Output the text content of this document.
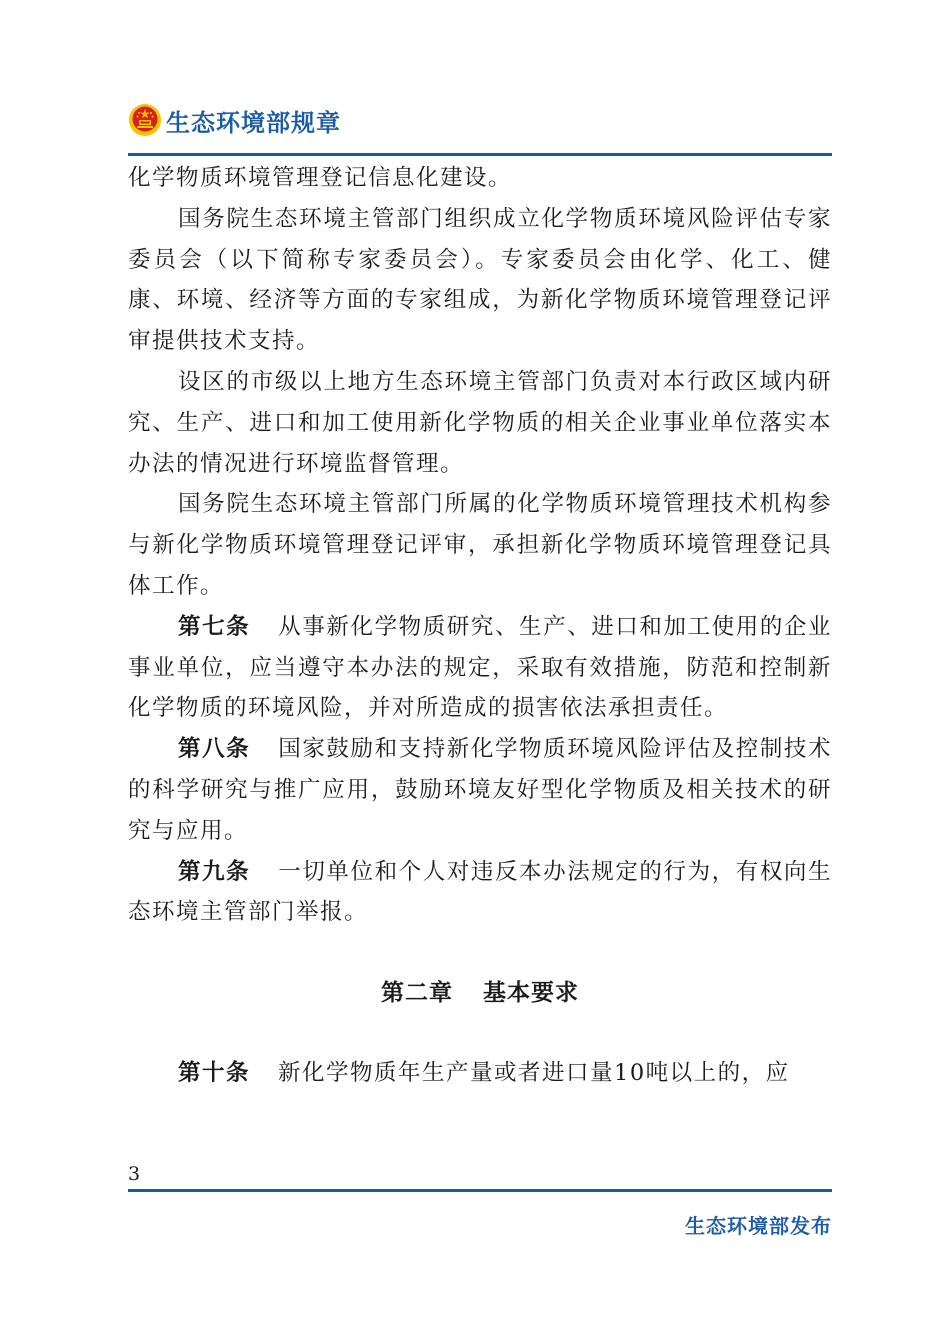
生态环境部规章

化学物质环境管理登记信息化建设。

国务院生态环境主管部门组织成立化学物质环境风险评估专家委员会（以下简称专家委员会）。专家委员会由化学、化工、健康、环境、经济等方面的专家组成，为新化学物质环境管理登记评审提供技术支持。

设区的市级以上地方生态环境主管部门负责对本行政区域内研究、生产、进口和加工使用新化学物质的相关企业事业单位落实本办法的情况进行环境监督管理。

国务院生态环境主管部门所属的化学物质环境管理技术机构参与新化学物质环境管理登记评审，承担新化学物质环境管理登记具体工作。

第七条 从事新化学物质研究、生产、进口和加工使用的企业事业单位，应当遵守本办法的规定，采取有效措施，防范和控制新化学物质的环境风险，并对所造成的损害依法承担责任。

第八条 国家鼓励和支持新化学物质环境风险评估及控制技术的科学研究与推广应用，鼓励环境友好型化学物质及相关技术的研究与应用。

第九条 一切单位和个人对违反本办法规定的行为，有权向生态环境主管部门举报。

第二章 基本要求

第十条 新化学物质年生产量或者进口量10吨以上的，应

3
生态环境部发布
